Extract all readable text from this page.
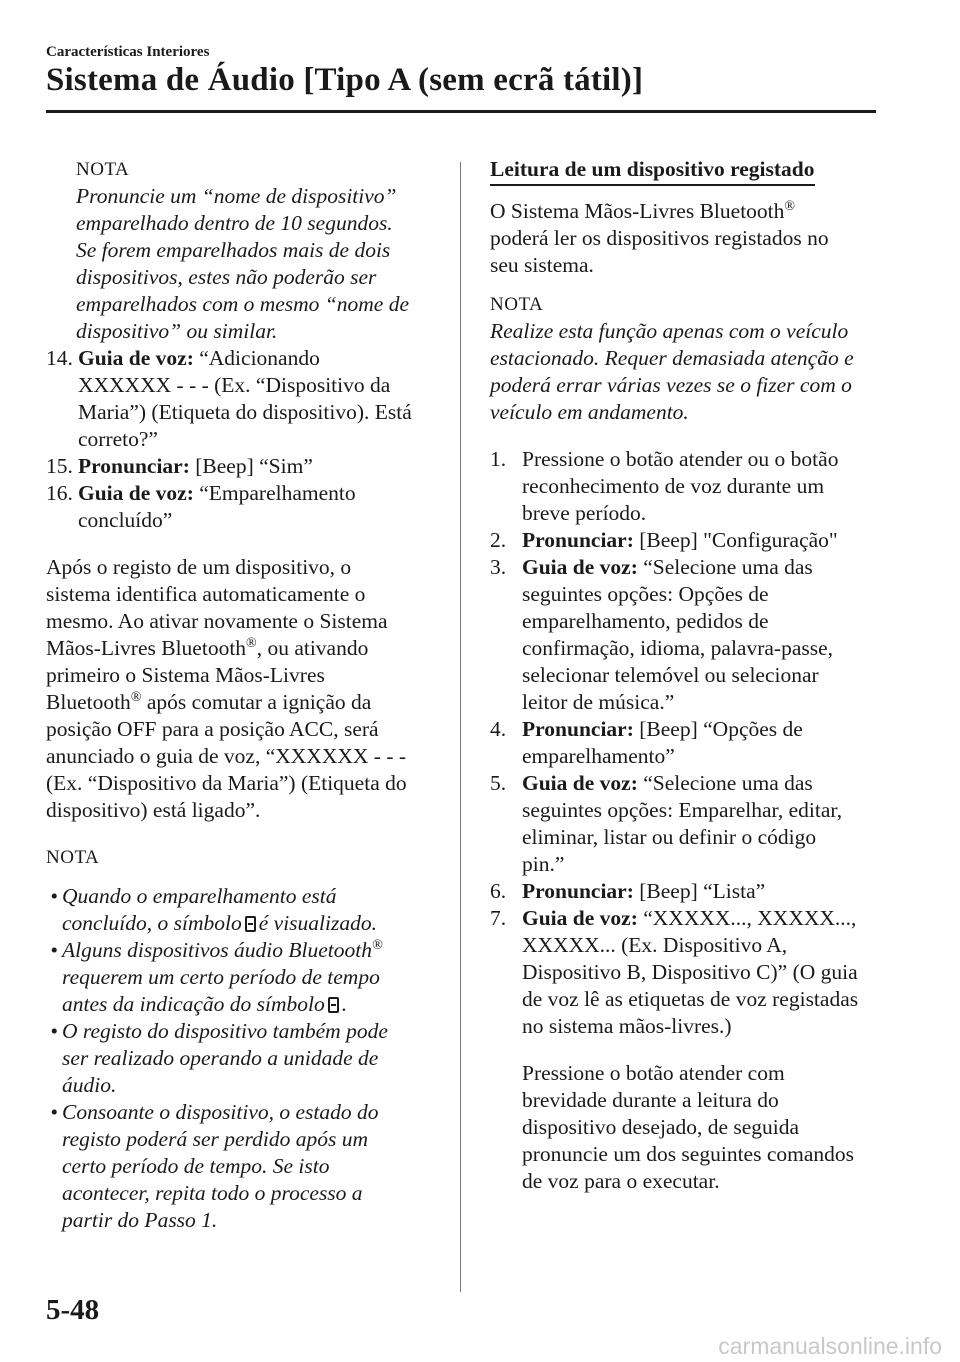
Características Interiores
Sistema de Áudio [Tipo A (sem ecrã tátil)]

NOTA

Pronuncie um “nome de dispositivo”

emparelhado dentro de 10 segundos.

Se forem emparelhados mais de dois

dispositivos, estes não poderão ser

emparelhados com o mesmo “nome de

dispositivo” ou similar.

14. Guia de voz: “Adicionando

XXXXXX - - - (Ex. “Dispositivo da

Maria”) (Etiqueta do dispositivo). Está

correto?”

15. Pronunciar: [Beep] “Sim”

16. Guia de voz: “Emparelhamento

concluído”

Após o registo de um dispositivo, o

sistema identifica automaticamente o

mesmo. Ao ativar novamente o Sistema

Mãos-Livres Bluetooth®, ou ativando

primeiro o Sistema Mãos-Livres

Bluetooth® após comutar a ignição da

posição OFF para a posição ACC, será

anunciado o guia de voz, “XXXXXX - - -

(Ex. “Dispositivo da Maria”) (Etiqueta do

dispositivo) está ligado”.

NOTA

• Quando o emparelhamento está

concluído, o símbolo é visualizado.

• Alguns dispositivos áudio Bluetooth®

requerem um certo período de tempo

antes da indicação do símbolo .

• O registo do dispositivo também pode

ser realizado operando a unidade de

áudio.

• Consoante o dispositivo, o estado do

registo poderá ser perdido após um

certo período de tempo. Se isto

acontecer, repita todo o processo a

partir do Passo 1.

Leitura de um dispositivo registado

O Sistema Mãos-Livres Bluetooth®

poderá ler os dispositivos registados no

seu sistema.

NOTA

Realize esta função apenas com o veículo

estacionado. Requer demasiada atenção e

poderá errar várias vezes se o fizer com o

veículo em andamento.

1. Pressione o botão atender ou o botão

reconhecimento de voz durante um

breve período.

2. Pronunciar: [Beep] "Configuração"

3. Guia de voz: “Selecione uma das

seguintes opções: Opções de

emparelhamento, pedidos de

confirmação, idioma, palavra-passe,

selecionar telemóvel ou selecionar

leitor de música.”

4. Pronunciar: [Beep] “Opções de

emparelhamento”

5. Guia de voz: “Selecione uma das

seguintes opções: Emparelhar, editar,

eliminar, listar ou definir o código

pin.”

6. Pronunciar: [Beep] “Lista”

7. Guia de voz: “XXXXX..., XXXXX...,

XXXXX... (Ex. Dispositivo A,

Dispositivo B, Dispositivo C)” (O guia

de voz lê as etiquetas de voz registadas

no sistema mãos-livres.)

Pressione o botão atender com

brevidade durante a leitura do

dispositivo desejado, de seguida

pronuncie um dos seguintes comandos

de voz para o executar.

5-48
carmanualsonline.info
